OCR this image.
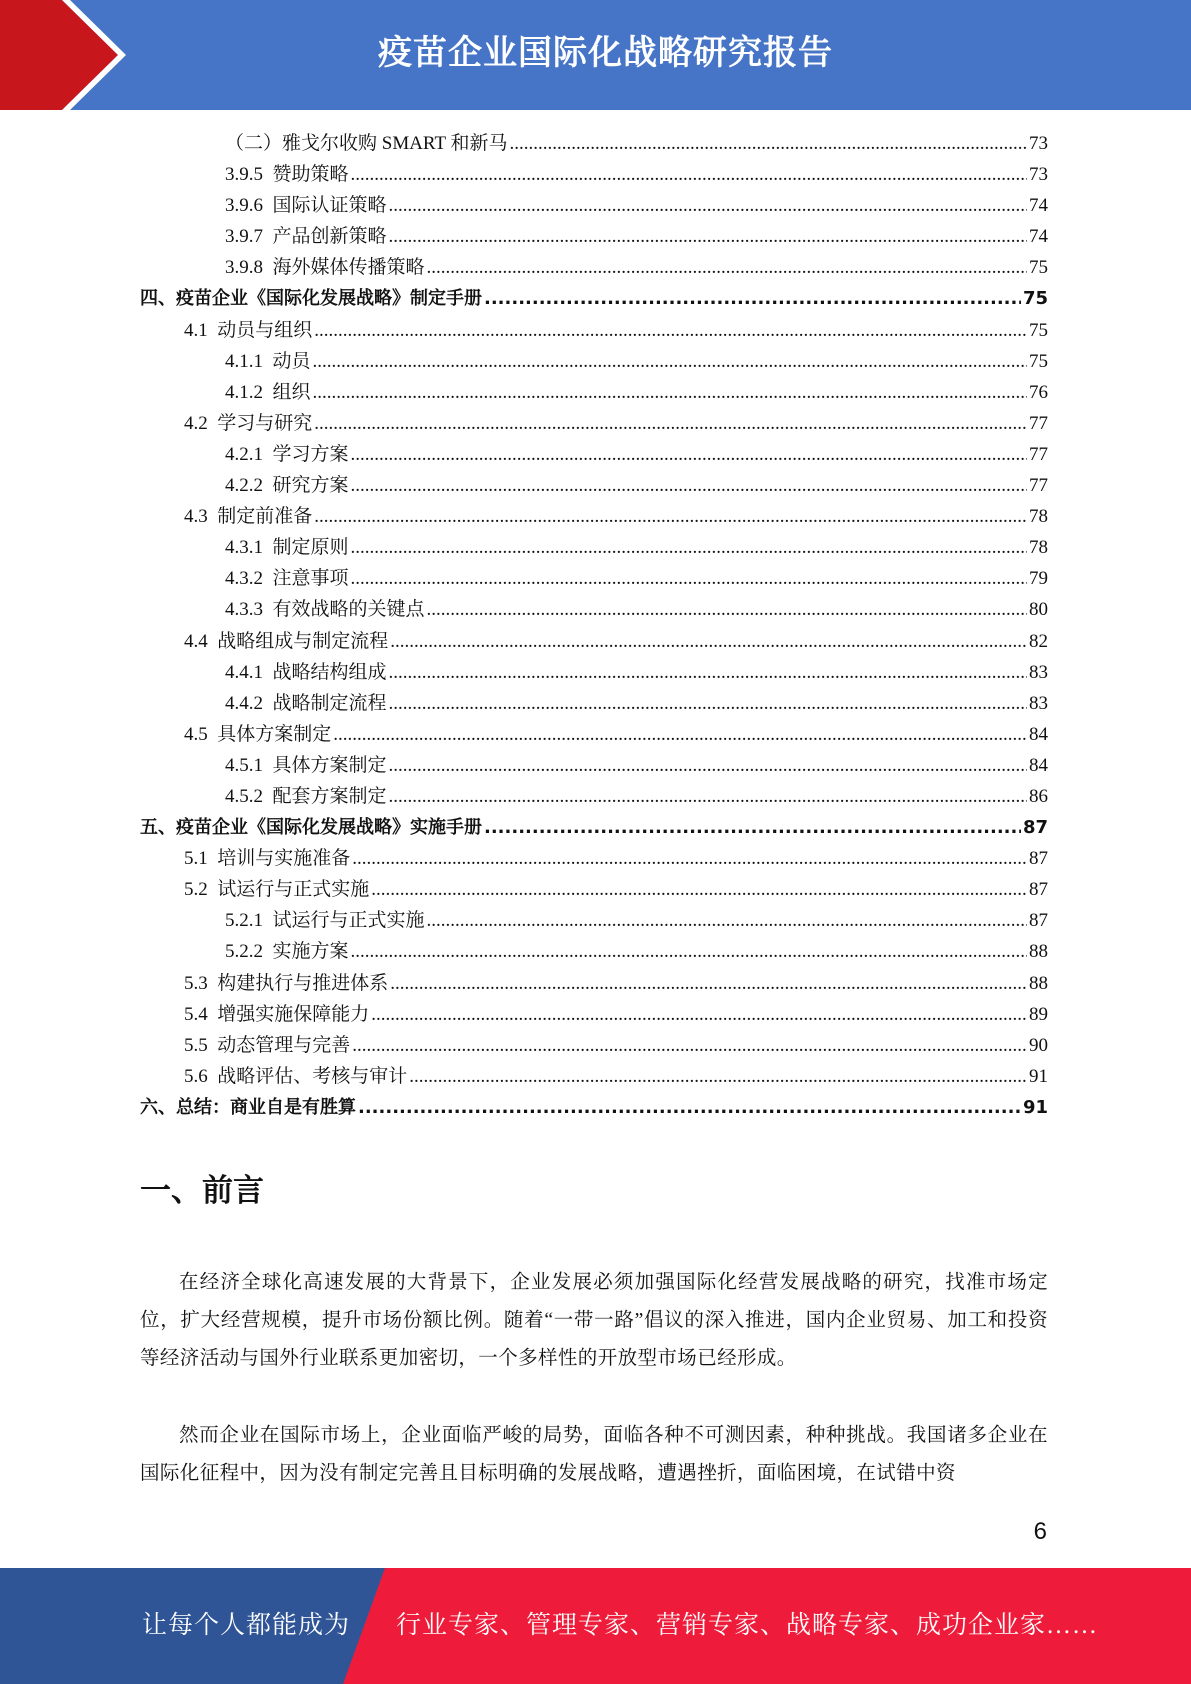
疫苗企业国际化战略研究报告
（二）雅戈尔收购 SMART 和新马 .....	73
3.9.5  赞助策略 .....	73
3.9.6  国际认证策略 .....	74
3.9.7  产品创新策略 .....	74
3.9.8  海外媒体传播策略 .....	75
四、疫苗企业《国际化发展战略》制定手册 .....	75
4.1  动员与组织 .....	75
4.1.1  动员 .....	75
4.1.2  组织 .....	76
4.2  学习与研究 .....	77
4.2.1  学习方案 .....	77
4.2.2  研究方案 .....	77
4.3  制定前准备 .....	78
4.3.1  制定原则 .....	78
4.3.2  注意事项 .....	79
4.3.3  有效战略的关键点 .....	80
4.4  战略组成与制定流程 .....	82
4.4.1  战略结构组成 .....	83
4.4.2  战略制定流程 .....	83
4.5  具体方案制定 .....	84
4.5.1  具体方案制定 .....	84
4.5.2  配套方案制定 .....	86
五、疫苗企业《国际化发展战略》实施手册 .....	87
5.1  培训与实施准备 .....	87
5.2  试运行与正式实施 .....	87
5.2.1  试运行与正式实施 .....	87
5.2.2  实施方案 .....	88
5.3  构建执行与推进体系 .....	88
5.4  增强实施保障能力 .....	89
5.5  动态管理与完善 .....	90
5.6  战略评估、考核与审计 .....	91
六、总结：商业自是有胜算 .....	91
一、前言

在经济全球化高速发展的大背景下，企业发展必须加强国际化经营发展战略的研究，找准市场定位，扩大经营规模，提升市场份额比例。随着“一带一路”倡议的深入推进，国内企业贸易、加工和投资等经济活动与国外行业联系更加密切，一个多样性的开放型市场已经形成。

然而企业在国际市场上，企业面临严峻的局势，面临各种不可测因素，种种挑战。我国诸多企业在国际化征程中，因为没有制定完善且目标明确的发展战略，遭遇挫折，面临困境，在试错中资

6
让每个人都能成为 行业专家、管理专家、营销专家、战略专家、成功企业家……
